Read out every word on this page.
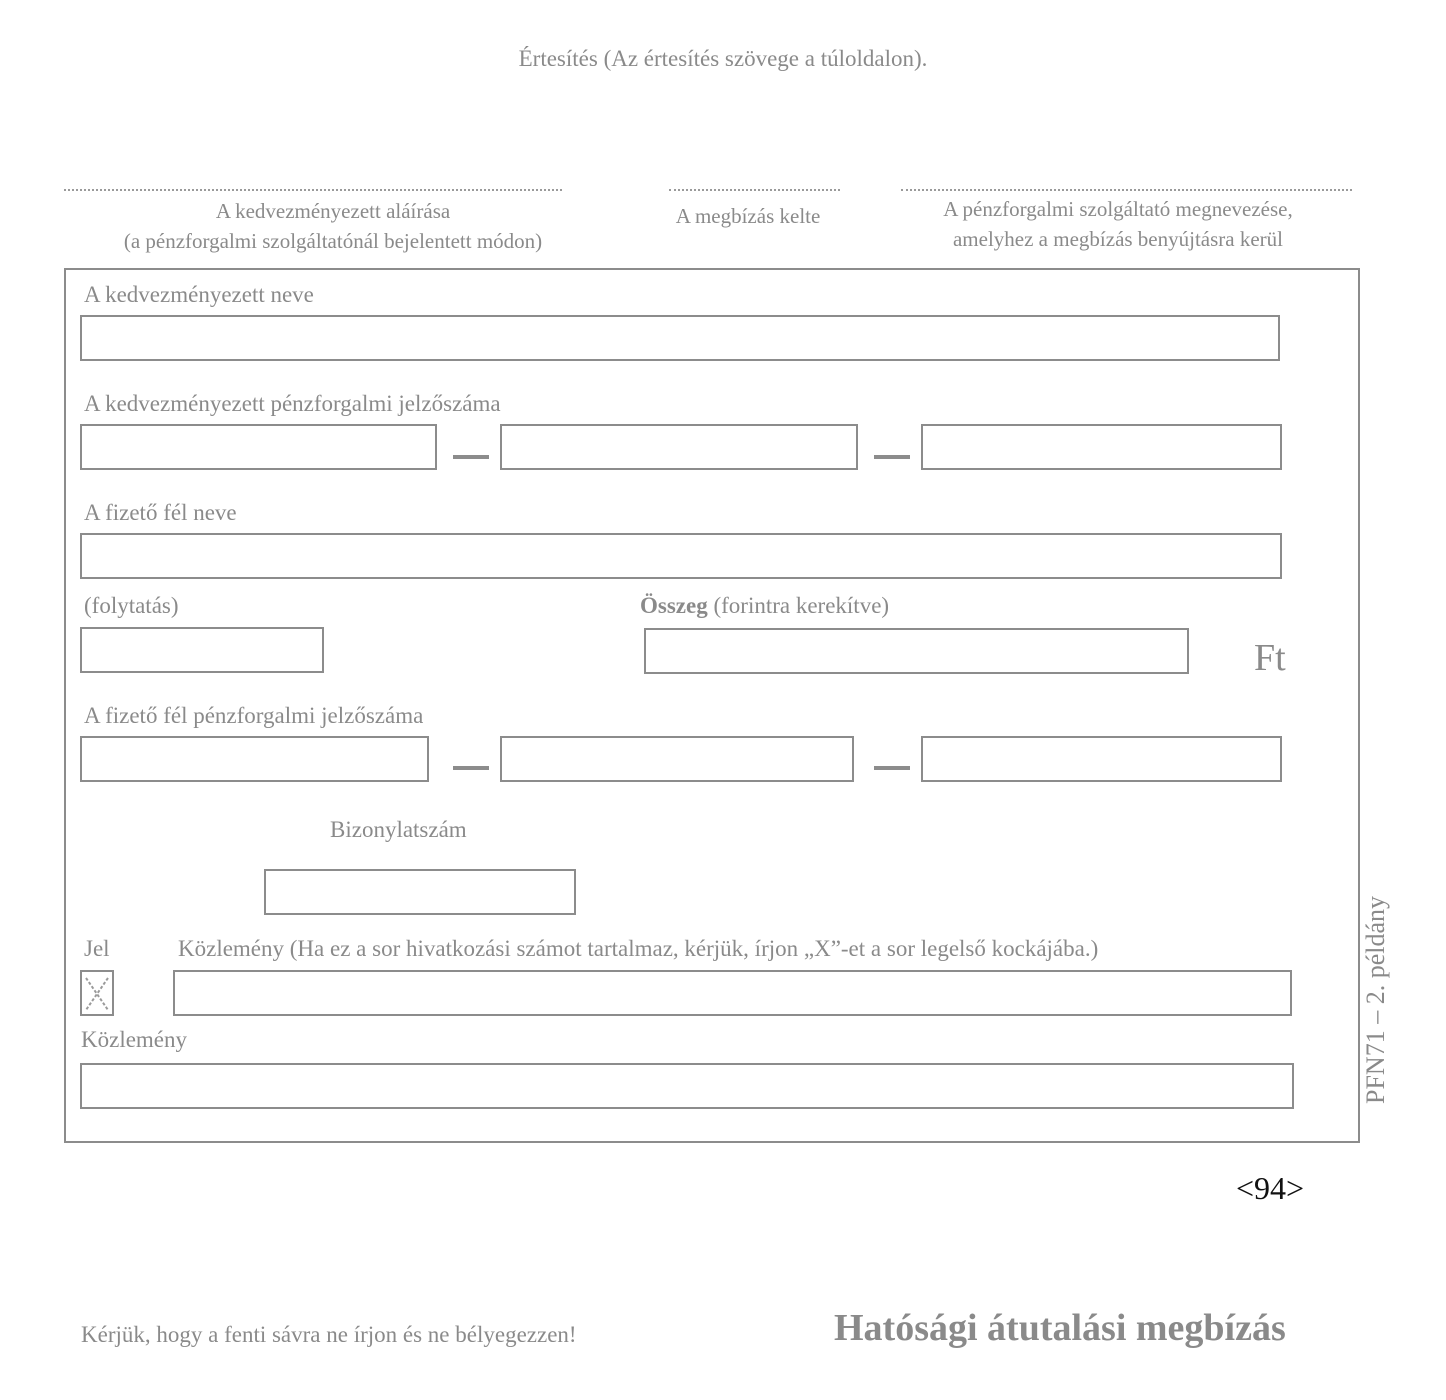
Értesítés (Az értesítés szövege a túloldalon).
A kedvezményezett aláírása
(a pénzforgalmi szolgáltatónál bejelentett módon)
A megbízás kelte	A pénzforgalmi szolgáltató megnevezése,
amelyhez a megbízás benyújtásra kerül
A kedvezményezett neve
A kedvezményezett pénzforgalmi jelzőszáma
A fizető fél neve
(folytatás)	Összeg (forintra kerekítve)
Ft
A fizető fél pénzforgalmi jelzőszáma
Bizonylatszám
Jel	Közlemény (Ha ez a sor hivatkozási számot tartalmaz, kérjük, írjon „X”-et a sor legelső kockájába.)
Közlemény	PFN71 – 2. példány
<94>
Kérjük, hogy a fenti sávra ne írjon és ne bélyegezzen!	Hatósági átutalási megbízás
